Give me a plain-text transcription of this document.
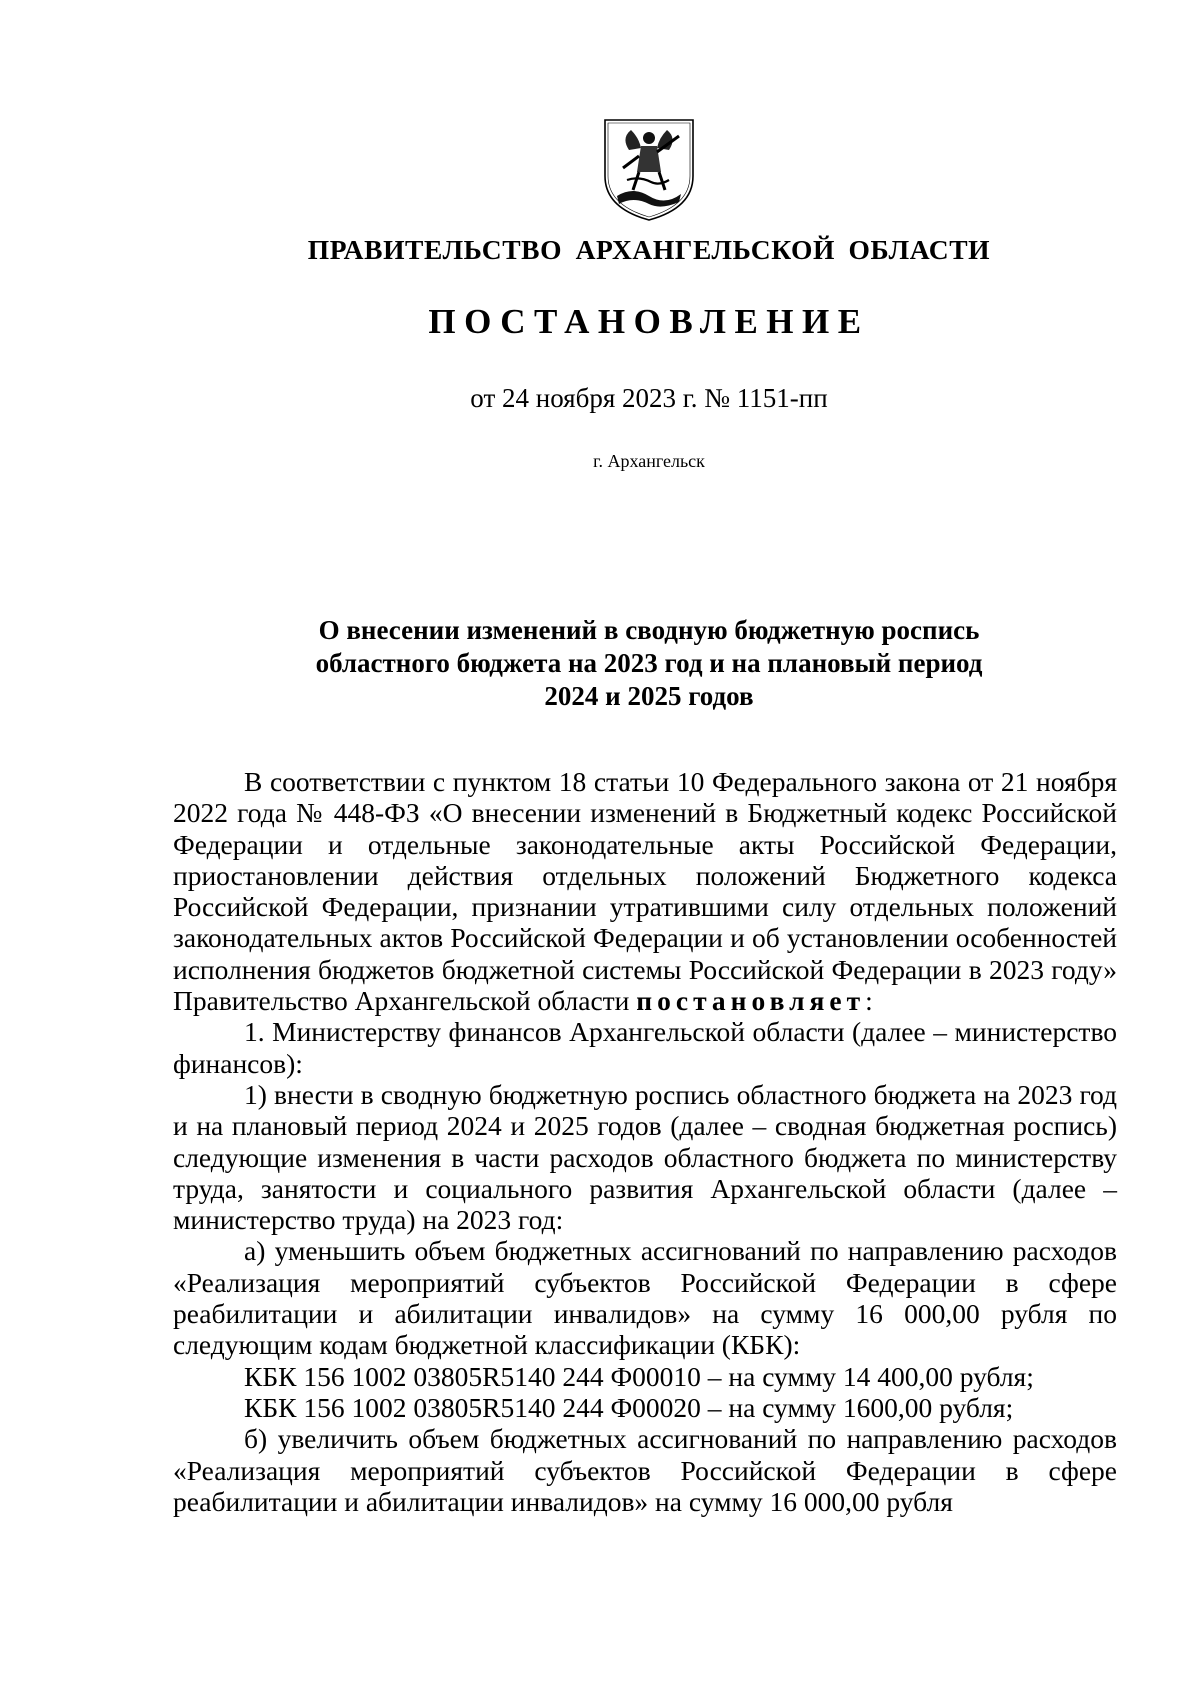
ПРАВИТЕЛЬСТВО АРХАНГЕЛЬСКОЙ ОБЛАСТИ
ПОСТАНОВЛЕНИЕ
от 24 ноября 2023 г. № 1151-пп
г. Архангельск
О внесении изменений в сводную бюджетную роспись
областного бюджета на 2023 год и на плановый период
2024 и 2025 годов

В соответствии с пунктом 18 статьи 10 Федерального закона от 21 ноября 2022 года № 448-ФЗ «О внесении изменений в Бюджетный кодекс Российской Федерации и отдельные законодательные акты Российской Федерации, приостановлении действия отдельных положений Бюджетного кодекса Российской Федерации, признании утратившими силу отдельных положений законодательных актов Российской Федерации и об установлении особенностей исполнения бюджетов бюджетной системы Российской Федерации в 2023 году» Правительство Архангельской области постановляет:

1. Министерству финансов Архангельской области (далее – министерство финансов):

1) внести в сводную бюджетную роспись областного бюджета на 2023 год и на плановый период 2024 и 2025 годов (далее – сводная бюджетная роспись) следующие изменения в части расходов областного бюджета по министерству труда, занятости и социального развития Архангельской области (далее – министерство труда) на 2023 год:

а) уменьшить объем бюджетных ассигнований по направлению расходов «Реализация мероприятий субъектов Российской Федерации в сфере реабилитации и абилитации инвалидов» на сумму 16 000,00 рубля по следующим кодам бюджетной классификации (КБК):

КБК 156 1002 03805R5140 244 Ф00010 – на сумму 14 400,00 рубля;

КБК 156 1002 03805R5140 244 Ф00020 – на сумму 1600,00 рубля;

б) увеличить объем бюджетных ассигнований по направлению расходов «Реализация мероприятий субъектов Российской Федерации в сфере реабилитации и абилитации инвалидов» на сумму 16 000,00 рубля
